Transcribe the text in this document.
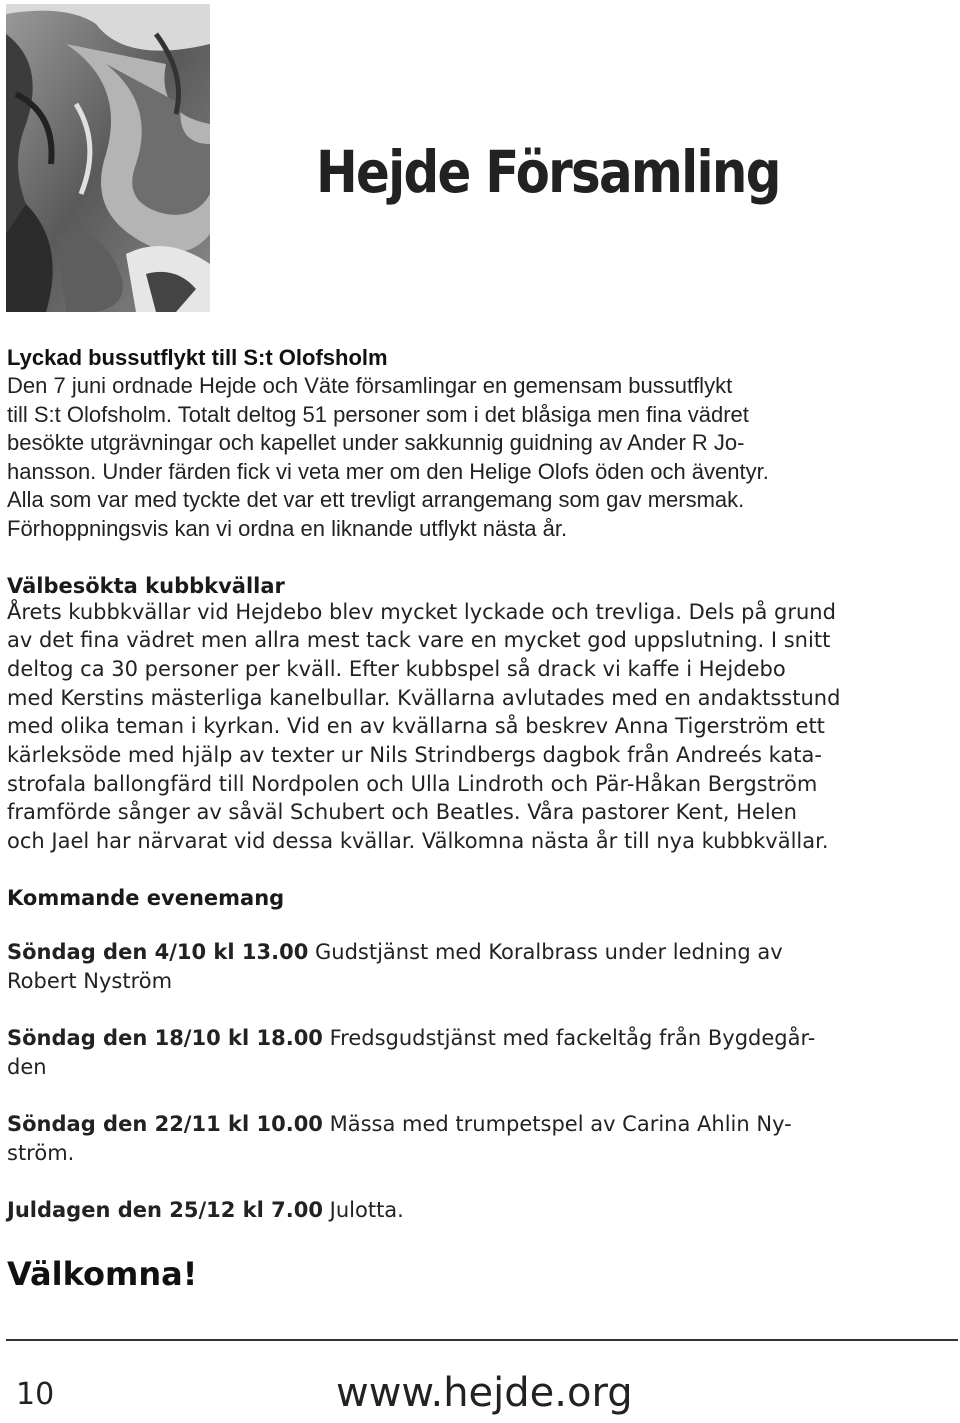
Hejde Församling

Lyckad bussutflykt till S:t Olofsholm

Den 7 juni ordnade Hejde och Väte församlingar en gemensam bussutflykt

till S:t Olofsholm. Totalt deltog 51 personer som i det blåsiga men fina vädret

besökte utgrävningar och kapellet under sakkunnig guidning av Ander R Jo-

hansson. Under färden fick vi veta mer om den Helige Olofs öden och äventyr.

Alla som var med tyckte det var ett trevligt arrangemang som gav mersmak.

Förhoppningsvis kan vi ordna en liknande utflykt nästa år.

Välbesökta kubbkvällar

Årets kubbkvällar vid Hejdebo blev mycket lyckade och trevliga. Dels på grund

av det fina vädret men allra mest tack vare en mycket god uppslutning. I snitt

deltog ca 30 personer per kväll. Efter kubbspel så drack vi kaffe i Hejdebo

med Kerstins mästerliga kanelbullar. Kvällarna avlutades med en andaktsstund

med olika teman i kyrkan. Vid en av kvällarna så beskrev Anna Tigerström ett

kärleksöde med hjälp av texter ur Nils Strindbergs dagbok från Andreés kata-

strofala ballongfärd till Nordpolen och Ulla Lindroth och Pär-Håkan Bergström

framförde sånger av såväl Schubert och Beatles. Våra pastorer Kent, Helen

och Jael har närvarat vid dessa kvällar. Välkomna nästa år till nya kubbkvällar.

Kommande evenemang

Söndag den 4/10 kl 13.00 Gudstjänst med Koralbrass under ledning av
Robert Nyström

Söndag den 18/10 kl 18.00 Fredsgudstjänst med fackeltåg från Bygdegår-
den

Söndag den 22/11 kl 10.00 Mässa med trumpetspel av Carina Ahlin Ny-
ström.

Juldagen den 25/12 kl 7.00 Julotta.

Välkomna!

10	www.hejde.org
